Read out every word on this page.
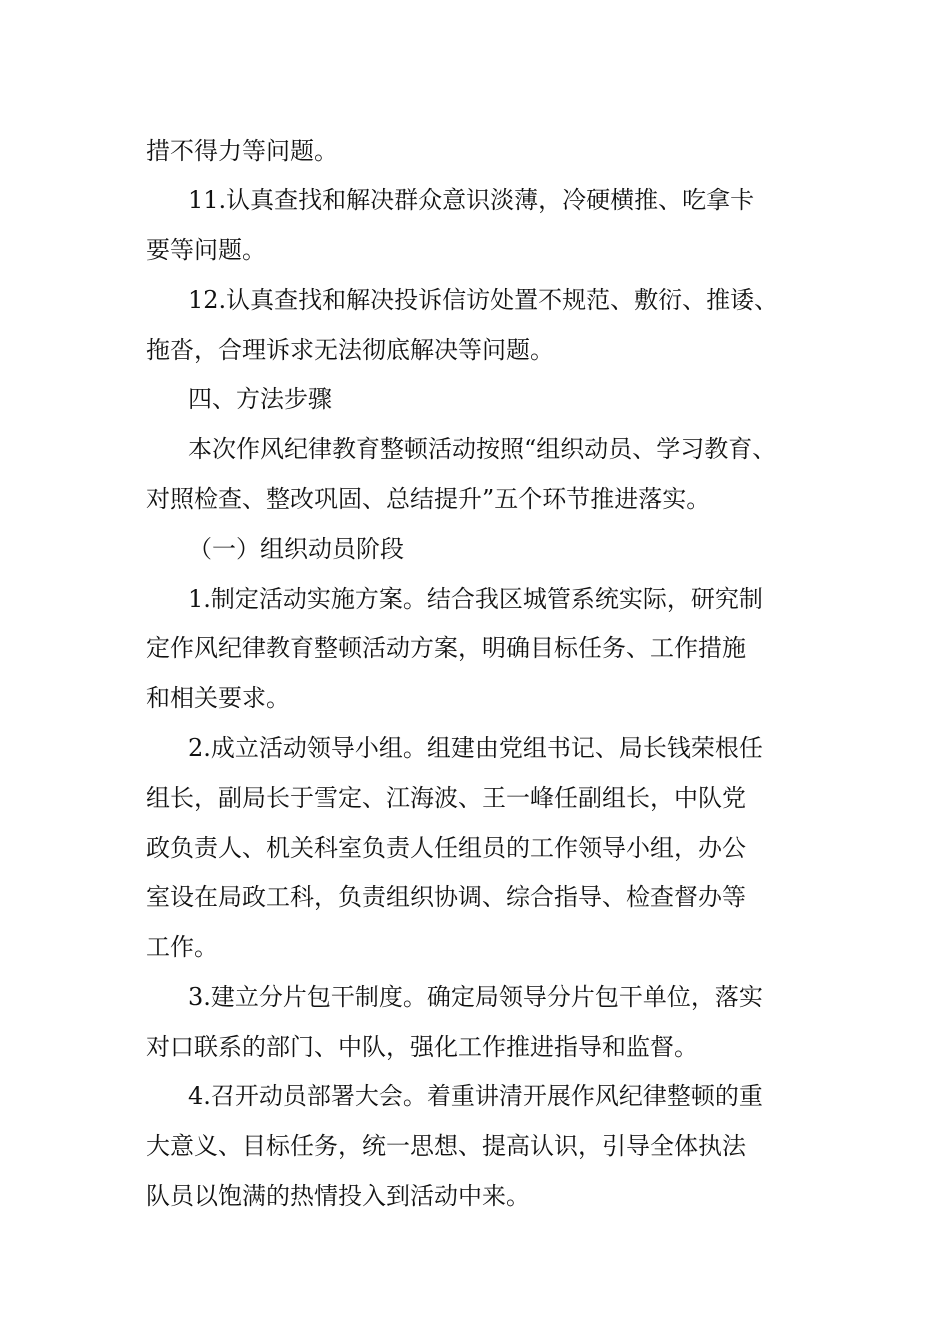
措不得力等问题。
11.认真查找和解决群众意识淡薄，冷硬横推、吃拿卡
要等问题。
12.认真查找和解决投诉信访处置不规范、敷衍、推诿、
拖沓，合理诉求无法彻底解决等问题。
四、方法步骤
本次作风纪律教育整顿活动按照“组织动员、学习教育、
对照检查、整改巩固、总结提升”五个环节推进落实。
（一）组织动员阶段
1.制定活动实施方案。结合我区城管系统实际，研究制
定作风纪律教育整顿活动方案，明确目标任务、工作措施
和相关要求。
2.成立活动领导小组。组建由党组书记、局长钱荣根任
组长，副局长于雪定、江海波、王一峰任副组长，中队党
政负责人、机关科室负责人任组员的工作领导小组，办公
室设在局政工科，负责组织协调、综合指导、检查督办等
工作。
3.建立分片包干制度。确定局领导分片包干单位，落实
对口联系的部门、中队，强化工作推进指导和监督。
4.召开动员部署大会。着重讲清开展作风纪律整顿的重
大意义、目标任务，统一思想、提高认识，引导全体执法
队员以饱满的热情投入到活动中来。
